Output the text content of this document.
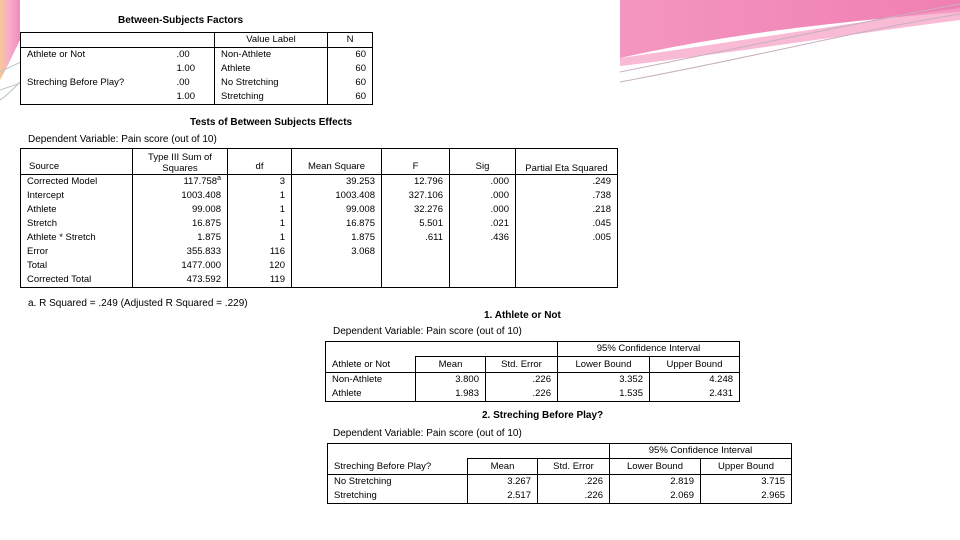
Between-Subjects Factors
		Value Label	N
Athlete or Not	.00	Non-Athlete	60
	1.00	Athlete	60
Streching Before Play?	.00	No Stretching	60
	1.00	Stretching	60
Tests of Between Subjects Effects
Dependent Variable: Pain score (out of 10)
Source	Type III Sum of Squares	df	Mean Square	F	Sig	Partial Eta Squared
Corrected Model	117.758$^a$	3	39.253	12.796	.000	.249
Intercept	1003.408	1	1003.408	327.106	.000	.738
Athlete	99.008	1	99.008	32.276	.000	.218
Stretch	16.875	1	16.875	5.501	.021	.045
Athlete * Stretch	1.875	1	1.875	.611	.436	.005
Error	355.833	116	3.068			
Total	1477.000	120				
Corrected Total	473.592	119				
a. R Squared = .249 (Adjusted R Squared = .229)
1. Athlete or Not
Dependent Variable: Pain score (out of 10)
			95% Confidence Interval	
Athlete or Not	Mean	Std. Error	Lower Bound	Upper Bound
Non-Athlete	3.800	.226	3.352	4.248
Athlete	1.983	.226	1.535	2.431
2. Streching Before Play?
Dependent Variable: Pain score (out of 10)
			95% Confidence Interval	
Streching Before Play?	Mean	Std. Error	Lower Bound	Upper Bound
No Stretching	3.267	.226	2.819	3.715
Stretching	2.517	.226	2.069	2.965
